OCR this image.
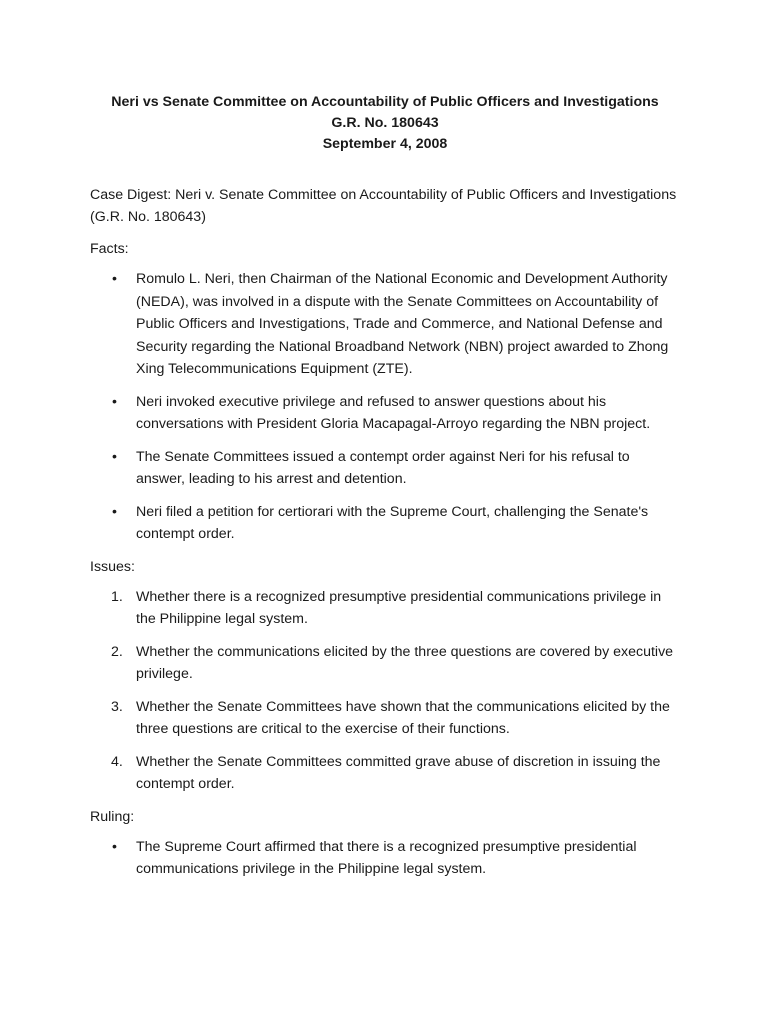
Neri vs Senate Committee on Accountability of Public Officers and Investigations
G.R. No. 180643
September 4, 2008

Case Digest: Neri v. Senate Committee on Accountability of Public Officers and Investigations (G.R. No. 180643)

Facts:

• Romulo L. Neri, then Chairman of the National Economic and Development Authority (NEDA), was involved in a dispute with the Senate Committees on Accountability of Public Officers and Investigations, Trade and Commerce, and National Defense and Security regarding the National Broadband Network (NBN) project awarded to Zhong Xing Telecommunications Equipment (ZTE).
• Neri invoked executive privilege and refused to answer questions about his conversations with President Gloria Macapagal-Arroyo regarding the NBN project.
• The Senate Committees issued a contempt order against Neri for his refusal to answer, leading to his arrest and detention.
• Neri filed a petition for certiorari with the Supreme Court, challenging the Senate's contempt order.

Issues:

1. Whether there is a recognized presumptive presidential communications privilege in the Philippine legal system.
2. Whether the communications elicited by the three questions are covered by executive privilege.
3. Whether the Senate Committees have shown that the communications elicited by the three questions are critical to the exercise of their functions.
4. Whether the Senate Committees committed grave abuse of discretion in issuing the contempt order.

Ruling:

• The Supreme Court affirmed that there is a recognized presumptive presidential communications privilege in the Philippine legal system.
